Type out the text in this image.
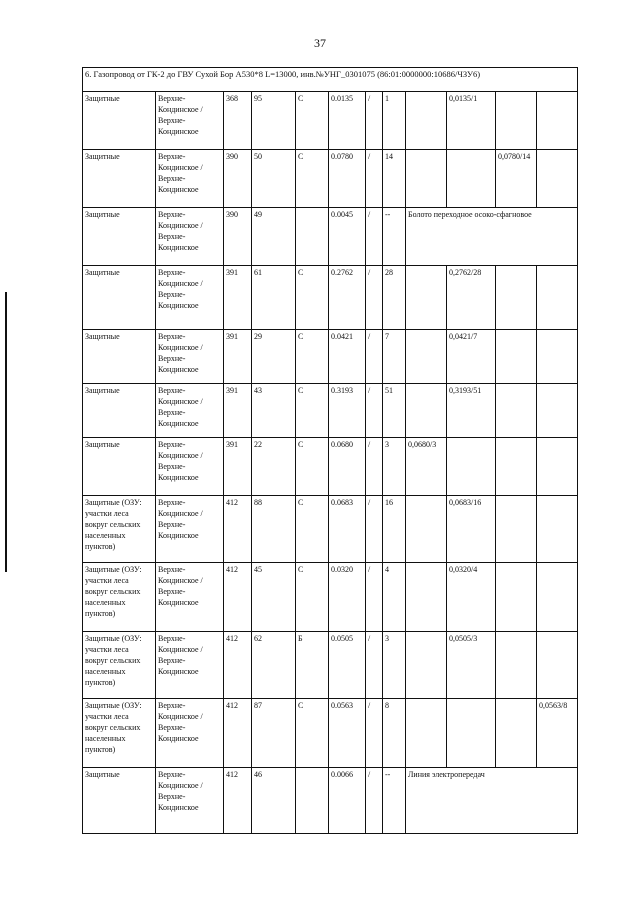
37
6. Газопровод от ГК-2 до ГВУ Сухой Бор А530*8 L=13000, инв.№УНГ_0301075 (86:01:0000000:10686/ЧЗУ6)											
Защитные	Верхне-Кондинское / Верхне-Кондинское	368	95	С	0.0135	/	1		0,0135/1		
Защитные	Верхне-Кондинское / Верхне-Кондинское	390	50	С	0.0780	/	14			0,0780/14	
Защитные	Верхне-Кондинское / Верхне-Кондинское	390	49		0.0045	/	--	Болото переходное осоко-сфагновое			
Защитные	Верхне-Кондинское / Верхне-Кондинское	391	61	С	0.2762	/	28		0,2762/28		
Защитные	Верхне-Кондинское / Верхне-Кондинское	391	29	С	0.0421	/	7		0,0421/7		
Защитные	Верхне-Кондинское / Верхне-Кондинское	391	43	С	0.3193	/	51		0,3193/51		
Защитные	Верхне-Кондинское / Верхне-Кондинское	391	22	С	0.0680	/	3	0,0680/3			
Защитные (ОЗУ: участки леса вокруг сельских населенных пунктов)	Верхне-Кондинское / Верхне-Кондинское	412	88	С	0.0683	/	16		0,0683/16		
Защитные (ОЗУ: участки леса вокруг сельских населенных пунктов)	Верхне-Кондинское / Верхне-Кондинское	412	45	С	0.0320	/	4		0,0320/4		
Защитные (ОЗУ: участки леса вокруг сельских населенных пунктов)	Верхне-Кондинское / Верхне-Кондинское	412	62	Б	0.0505	/	3		0,0505/3		
Защитные (ОЗУ: участки леса вокруг сельских населенных пунктов)	Верхне-Кондинское / Верхне-Кондинское	412	87	С	0.0563	/	8				0,0563/8
Защитные	Верхне-Кондинское / Верхне-Кондинское	412	46		0.0066	/	--	Линия электропередач			
